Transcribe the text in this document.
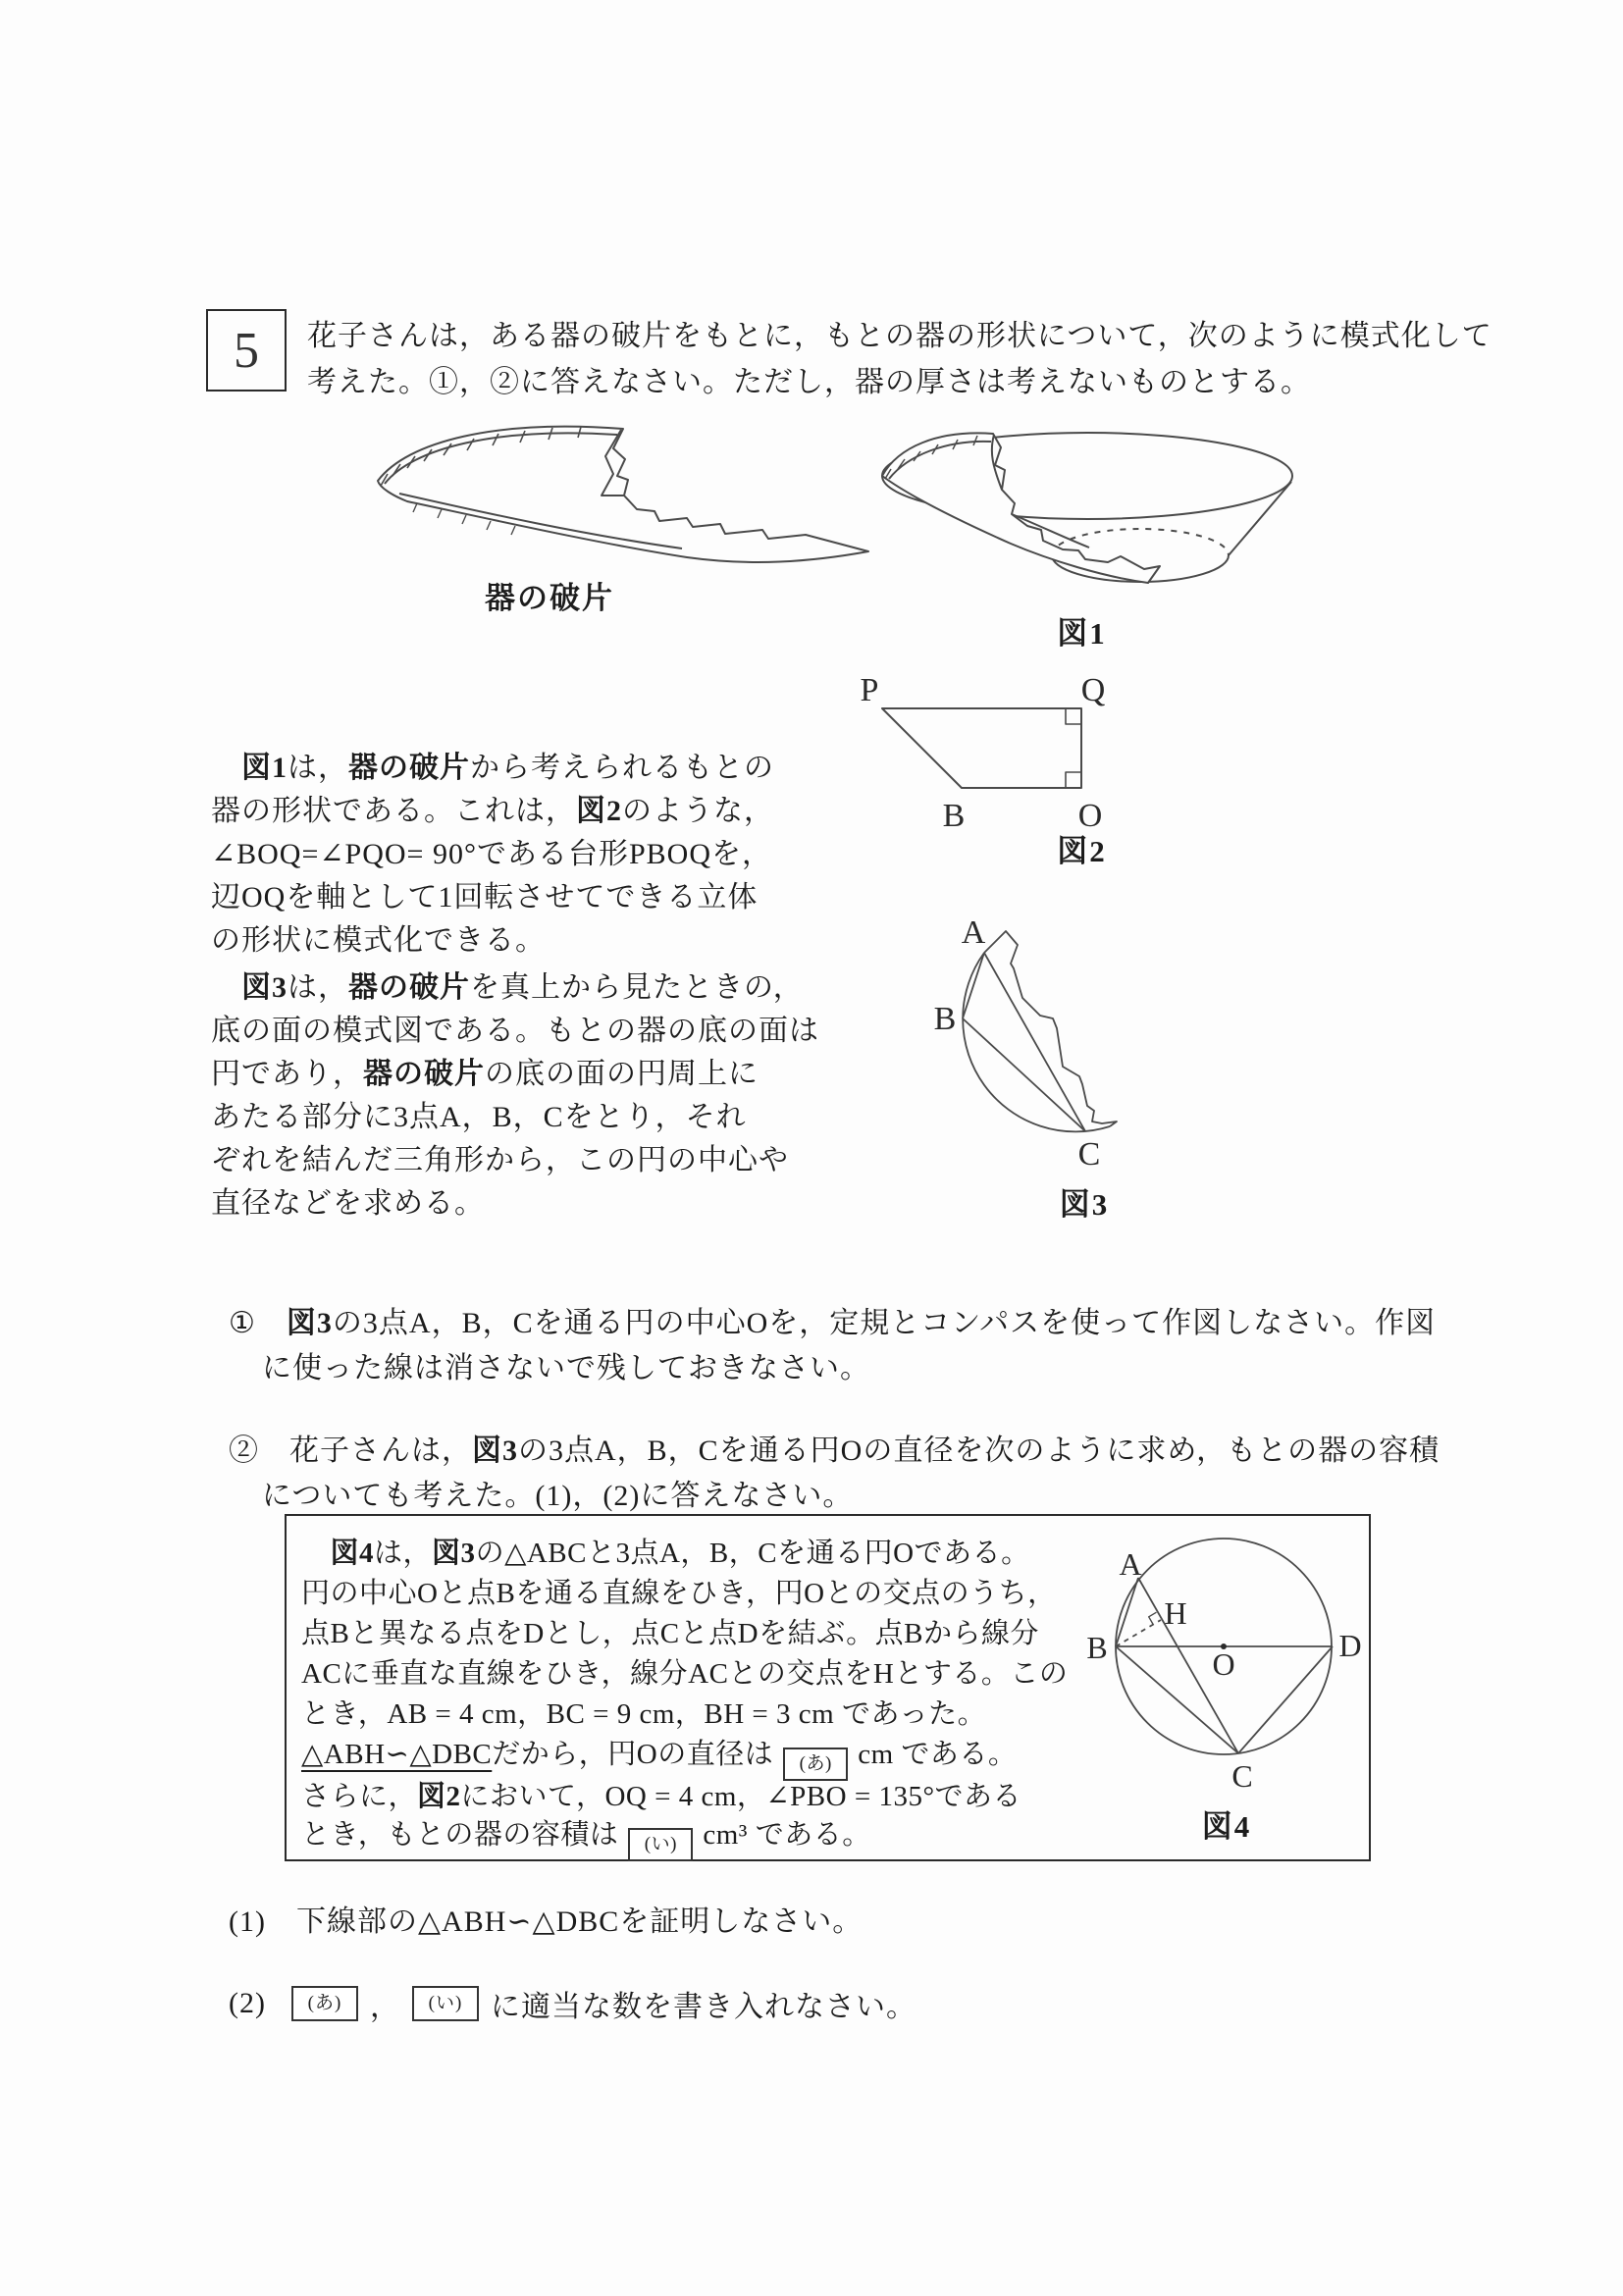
5 花子さんは，ある器の破片をもとに，もとの器の形状について，次のように模式化して
考えた。①，②に答えなさい。ただし，器の厚さは考えないものとする。
器の破片
図1
P	Q
B	O
図2
　図1は，器の破片から考えられるもとの
器の形状である。これは，図2のような，
∠BOQ=∠PQO= 90°である台形PBOQを，
辺OQを軸として1回転させてできる立体
の形状に模式化できる。
　図3は，器の破片を真上から見たときの，
底の面の模式図である。もとの器の底の面は
円であり，器の破片の底の面の円周上に
あたる部分に3点A，B，Cをとり，それ
ぞれを結んだ三角形から，この円の中心や
直径などを求める。
A
B
C
図3
①　図3の3点A，B，Cを通る円の中心Oを，定規とコンパスを使って作図しなさい。作図
に使った線は消さないで残しておきなさい。
②　花子さんは，図3の3点A，B，Cを通る円Oの直径を次のように求め，もとの器の容積
についても考えた。(1)，(2)に答えなさい。
　図4は，図3の△ABCと3点A，B，Cを通る円Oである。
円の中心Oと点Bを通る直線をひき，円Oとの交点のうち，
点Bと異なる点をDとし，点Cと点Dを結ぶ。点Bから線分
ACに垂直な直線をひき，線分ACとの交点をHとする。この
とき，AB = 4 cm，BC = 9 cm，BH = 3 cm であった。
△ABH∽△DBCだから，円Oの直径は (あ) cm である。
さらに，図2において，OQ = 4 cm，∠PBO = 135°である
とき，もとの器の容積は (い) cm³ である。
A
H
B	D
O
C
図4
(1)　下線部の△ABH∽△DBCを証明しなさい。
(2)	(あ) ，	(い) に適当な数を書き入れなさい。
